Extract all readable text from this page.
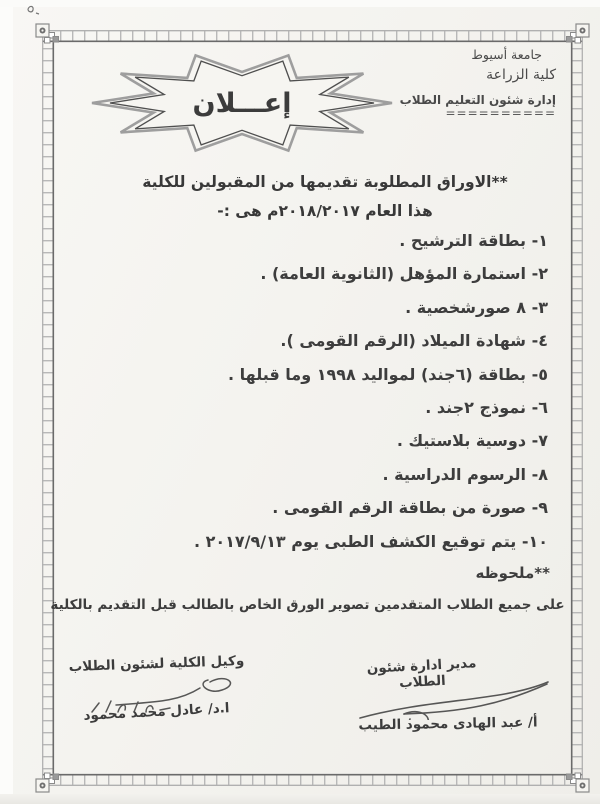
جامعة أسيوط
كلية الزراعة
إدارة شئون التعليم الطلاب
==========
إعـــلان
**الاوراق المطلوبة تقديمها من المقبولين للكلية
هذا العام ٢٠١٨/٢٠١٧م هى :-
١- بطاقة الترشيح .
٢- استمارة المؤهل (الثانوية العامة) .
٣- ٨ صورشخصية .
٤- شهادة الميلاد (الرقم القومى ).
٥- بطاقة (٦جند) لمواليد ١٩٩٨ وما قبلها .
٦- نموذج ٢جند .
٧- دوسية بلاستيك .
٨- الرسوم الدراسية .
٩- صورة من بطاقة الرقم القومى .
١٠- يتم توقيع الكشف الطبى يوم ٢٠١٧/٩/١٣ .
**ملحوظه
على جميع الطلاب المتقدمين تصوير الورق الخاص بالطالب قبل التقديم بالكلية
مدير ادارة شئون الطلاب
أ/ عبد الهادى محمود الطيب
وكيل الكلية لشئون الطلاب
ا.د/ عادل محمد محمود
